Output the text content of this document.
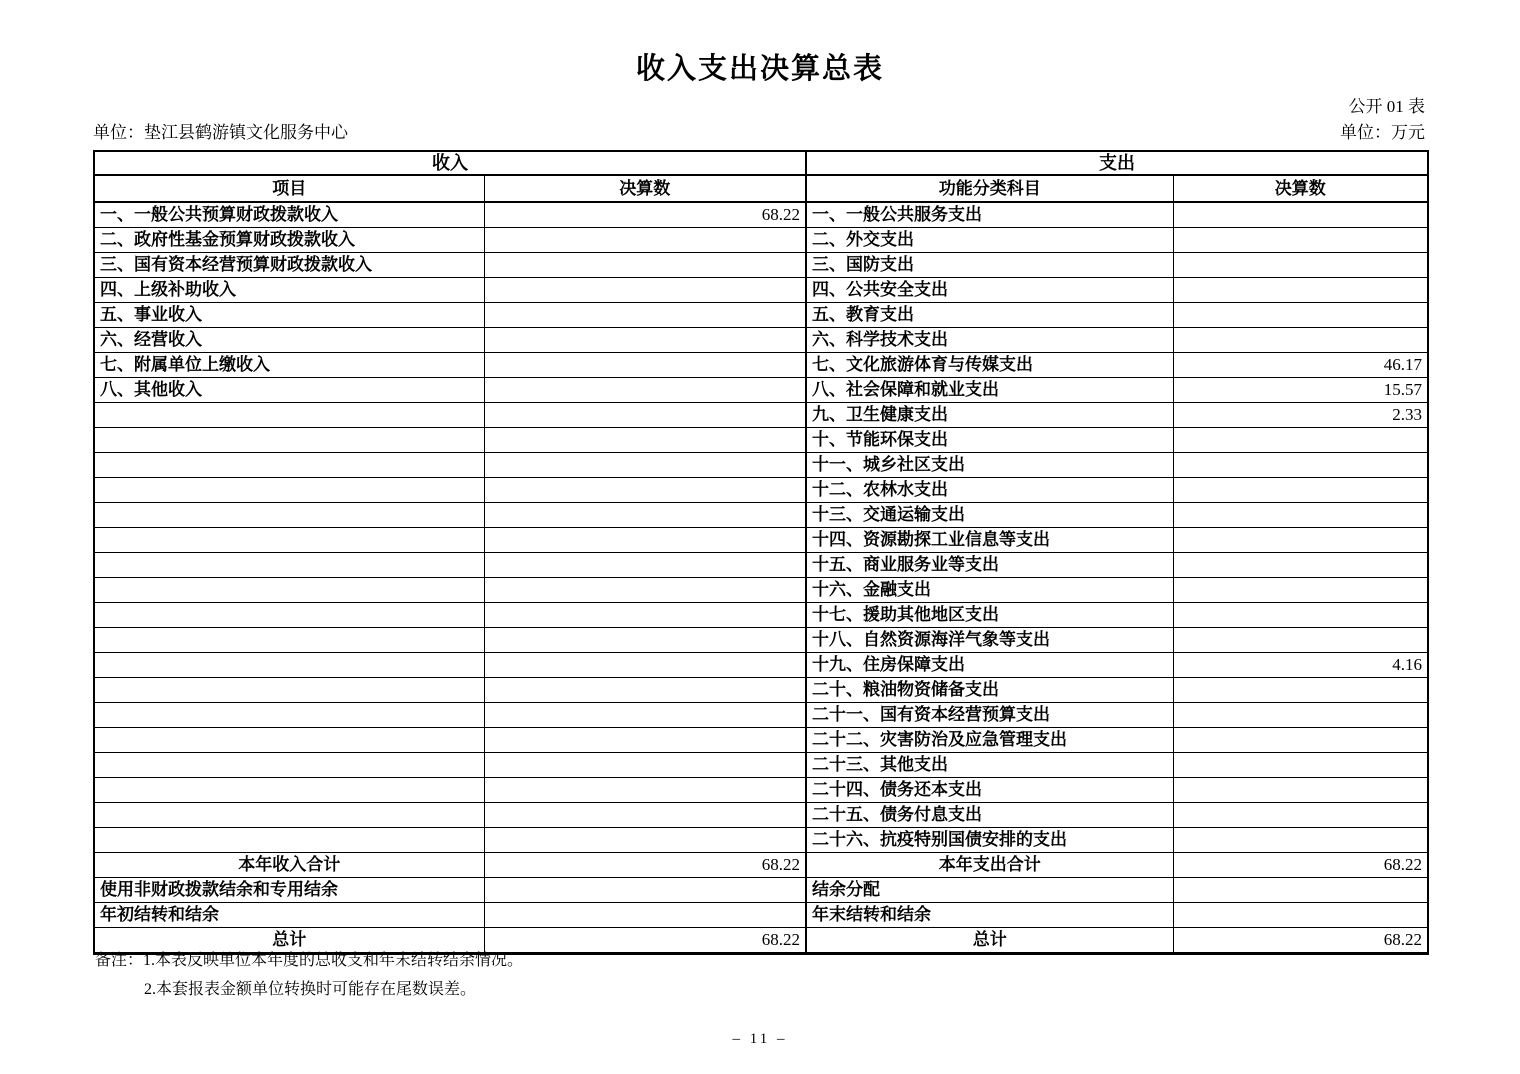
收入支出决算总表
公开 01 表
单位：垫江县鹤游镇文化服务中心	单位：万元
收入		支出	
项目	决算数	功能分类科目	决算数
一、一般公共预算财政拨款收入	68.22	一、一般公共服务支出	
二、政府性基金预算财政拨款收入		二、外交支出	
三、国有资本经营预算财政拨款收入		三、国防支出	
四、上级补助收入		四、公共安全支出	
五、事业收入		五、教育支出	
六、经营收入		六、科学技术支出	
七、附属单位上缴收入		七、文化旅游体育与传媒支出	46.17
八、其他收入		八、社会保障和就业支出	15.57
		九、卫生健康支出	2.33
		十、节能环保支出	
		十一、城乡社区支出	
		十二、农林水支出	
		十三、交通运输支出	
		十四、资源勘探工业信息等支出	
		十五、商业服务业等支出	
		十六、金融支出	
		十七、援助其他地区支出	
		十八、自然资源海洋气象等支出	
		十九、住房保障支出	4.16
		二十、粮油物资储备支出	
		二十一、国有资本经营预算支出	
		二十二、灾害防治及应急管理支出	
		二十三、其他支出	
		二十四、债务还本支出	
		二十五、债务付息支出	
		二十六、抗疫特别国债安排的支出	
本年收入合计	68.22	本年支出合计	68.22
使用非财政拨款结余和专用结余		结余分配	
年初结转和结余		年末结转和结余	
总计	68.22	总计	68.22
备注：1.本表反映单位本年度的总收支和年末结转结余情况。
2.本套报表金额单位转换时可能存在尾数误差。
– 11 –
